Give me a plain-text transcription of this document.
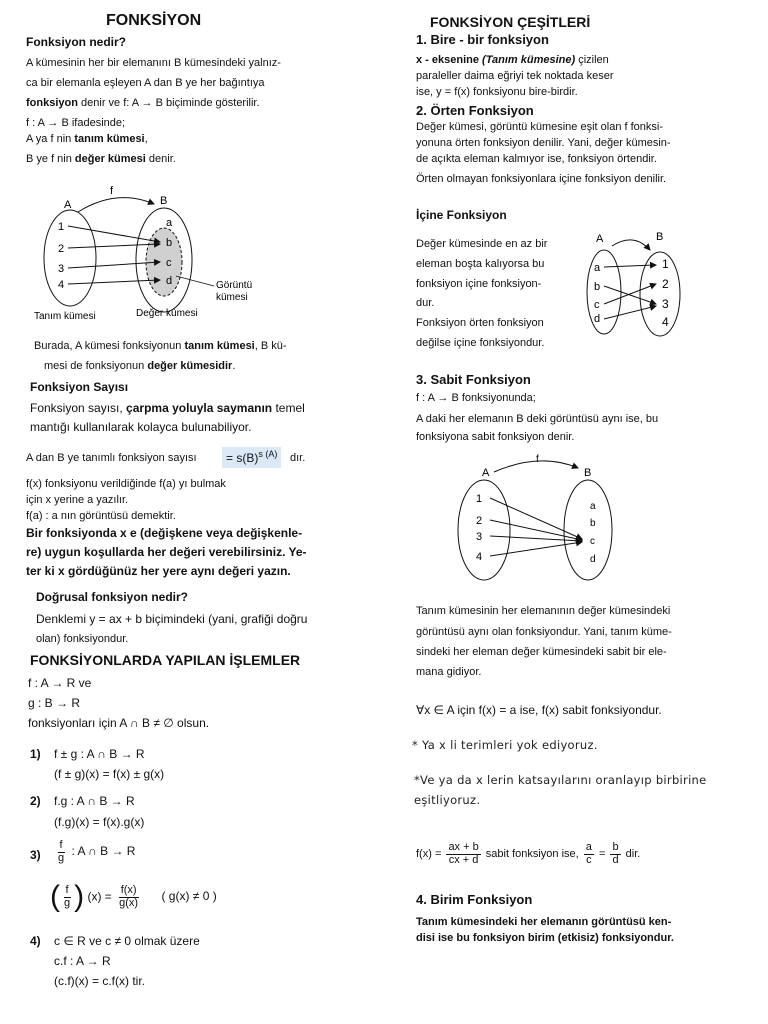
FONKSİYON
Fonksiyon nedir?
A kümesinin her bir elemanını B kümesindeki yalnız-
ca bir elemanla eşleyen A dan B ye her bağıntıya
fonksiyon denir ve f: A → B biçiminde gösterilir.
f : A → B ifadesinde;
A ya f nin tanım kümesi,
B ye f nin değer kümesi denir.
f
A	B
1
2
3
4
a
b
c
d	Görüntü
kümesi
Tanım kümesi	Değer kümesi
Burada, A kümesi fonksiyonun tanım kümesi, B kü-
mesi de fonksiyonun değer kümesidir.
Fonksiyon Sayısı
Fonksiyon sayısı, çarpma yoluyla saymanın temel
mantığı kullanılarak kolayca bulunabiliyor.
A dan B ye tanımlı fonksiyon sayısı	= $s(B)^{s (A)}$	dır.
f(x) fonksiyonu verildiğinde f(a) yı bulmak
için x yerine a yazılır.
f(a) : a nın görüntüsü demektir.
Bir fonksiyonda x e (değişkene veya değişkenle-
re) uygun koşullarda her değeri verebilirsiniz. Ye-
ter ki x gördüğünüz her yere aynı değeri yazın.
Doğrusal fonksiyon nedir?
Denklemi y = ax + b biçimindeki (yani, grafiği doğru
olan) fonksiyondur.
FONKSİYONLARDA YAPILAN İŞLEMLER
f : A → R ve
g : B → R
fonksiyonları için A ∩ B ≠ ∅ olsun.
1) f ± g : A ∩ B → R
(f ± g)(x) = f(x) ± g(x)
2) f.g : A ∩ B → R
(f.g)(x) = f(x).g(x)
$3) \frac{f}{g}$ : A ∩ B → R
( $\frac{f}{g}$ ) $(x) = \frac{f(x)}{g(x)}$ ( g(x) ≠ 0 )
4) c ∈ R ve c ≠ 0 olmak üzere
c.f : A → R
(c.f)(x) = c.f(x) tir.
FONKSİYON ÇEŞİTLERİ
1. Bire - bir fonksiyon
x - eksenine (Tanım kümesine) çizilen
paraleller daima eğriyi tek noktada keser
ise, y = f(x) fonksiyonu bire-birdir.
2. Örten Fonksiyon
Değer kümesi, görüntü kümesine eşit olan f fonksi-
yonuna örten fonksiyon denilir. Yani, değer kümesin-
de açıkta eleman kalmıyor ise, fonksiyon örtendir.
Örten olmayan fonksiyonlara içine fonksiyon denilir.
İçine Fonksiyon
Değer kümesinde en az bir
eleman boşta kalıyorsa bu
fonksiyon içine fonksiyon-
dur.
Fonksiyon örten fonksiyon
değilse içine fonksiyondur.
A	B
a
b
c
d
1
2
3
4
3. Sabit Fonksiyon
f : A → B fonksiyonunda;
A daki her elemanın B deki görüntüsü aynı ise, bu
fonksiyona sabit fonksiyon denir.
f
A	B
1
2
3
4
a
b
c
d
Tanım kümesinin her elemanının değer kümesindeki
görüntüsü aynı olan fonksiyondur. Yani, tanım küme-
sindeki her eleman değer kümesindeki sabit bir ele-
mana gidiyor.
∀x ∈ A için f(x) = a ise, f(x) sabit fonksiyondur.
* Ya x li terimleri yok ediyoruz.
*Ve ya da x lerin katsayılarını oranlayıp birbirine
eşitliyoruz.
$f(x) = \frac{ax + b}{cx + d}$ sabit fonksiyon ise, $\frac{a}{c} = \frac{b}{d}$ dir.
4. Birim Fonksiyon
Tanım kümesindeki her elemanın görüntüsü ken-
disi ise bu fonksiyon birim (etkisiz) fonksiyondur.
